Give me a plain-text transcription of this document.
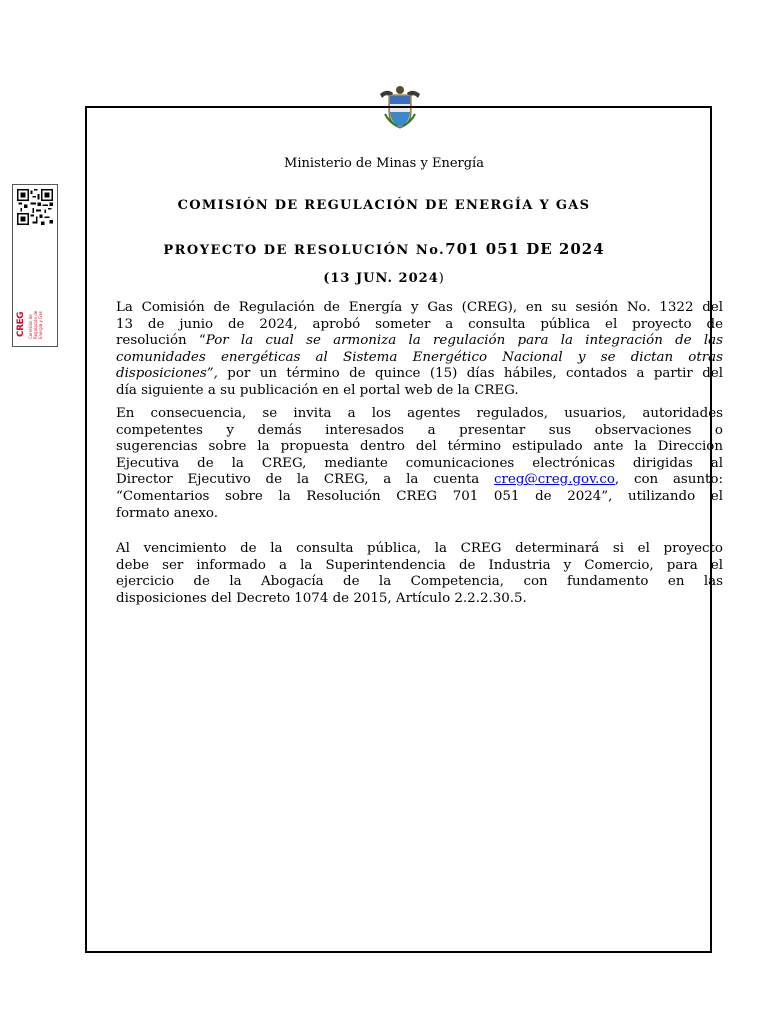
CREG Comisión de Regulación de Energía y Gas
Ministerio de Minas y Energía
COMISIÓN DE REGULACIÓN DE ENERGÍA Y GAS
PROYECTO DE RESOLUCIÓN No.701 051 DE 2024
(13 JUN. 2024)
La Comisión de Regulación de Energía y Gas (CREG), en su sesión No. 1322 del
13 de junio de 2024, aprobó someter a consulta pública el proyecto de
resolución “Por la cual se armoniza la regulación para la integración de las
comunidades energéticas al Sistema Energético Nacional y se dictan otras
disposiciones”, por un término de quince (15) días hábiles, contados a partir del
día siguiente a su publicación en el portal web de la CREG.
En consecuencia, se invita a los agentes regulados, usuarios, autoridades
competentes y demás interesados a presentar sus observaciones o
sugerencias sobre la propuesta dentro del término estipulado ante la Dirección
Ejecutiva de la CREG, mediante comunicaciones electrónicas dirigidas al
Director Ejecutivo de la CREG, a la cuenta creg@creg.gov.co, con asunto:
“Comentarios sobre la Resolución CREG 701 051 de 2024”, utilizando el
formato anexo.
Al vencimiento de la consulta pública, la CREG determinará si el proyecto
debe ser informado a la Superintendencia de Industria y Comercio, para el
ejercicio de la Abogacía de la Competencia, con fundamento en las
disposiciones del Decreto 1074 de 2015, Artículo 2.2.2.30.5.
